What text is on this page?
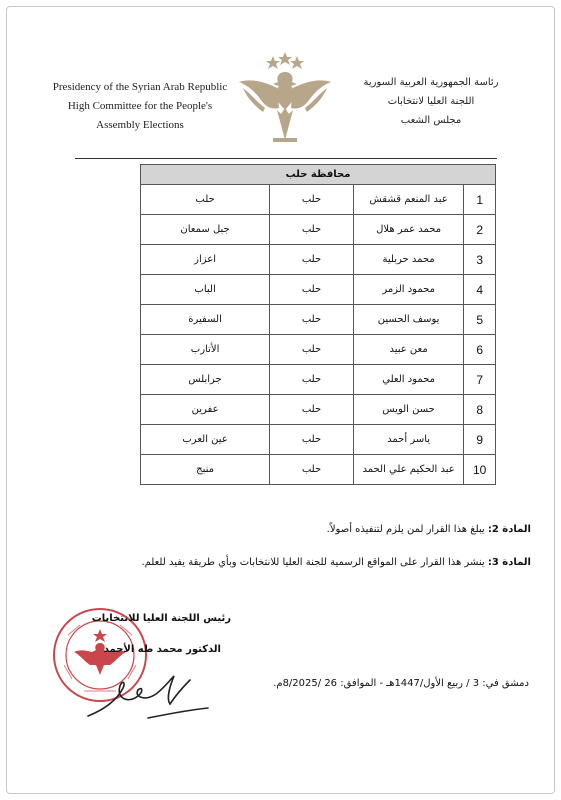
Presidency of the Syrian Arab Republic
High Committee for the People's
Assembly Elections
رئاسة الجمهورية العربية السورية
اللجنة العليا لانتخابات
مجلس الشعب
محافظة حلب			
1	عبد المنعم قشقش	حلب	حلب
2	محمد عمر هلال	حلب	جبل سمعان
3	محمد حربلية	حلب	اعزاز
4	محمود الزمر	حلب	الباب
5	يوسف الحسين	حلب	السفيرة
6	معن عبيد	حلب	الأتارب
7	محمود العلي	حلب	جرابلس
8	حسن الويس	حلب	عفرين
9	ياسر أحمد	حلب	عين العرب
10	عبد الحكيم علي الحمد	حلب	منبج
المادة 2: يبلغ هذا القرار لمن يلزم لتنفيذه أصولاً.
المادة 3: ينشر هذا القرار على المواقع الرسمية للجنة العليا للانتخابات وبأي طريقة يفيد للعلم.
رئيس اللجنة العليا للانتخابات
الدكتور محمد طه الأحمد
دمشق في: 3 / ربيع الأول/1447هـ - الموافق: 26 /8/2025م.
